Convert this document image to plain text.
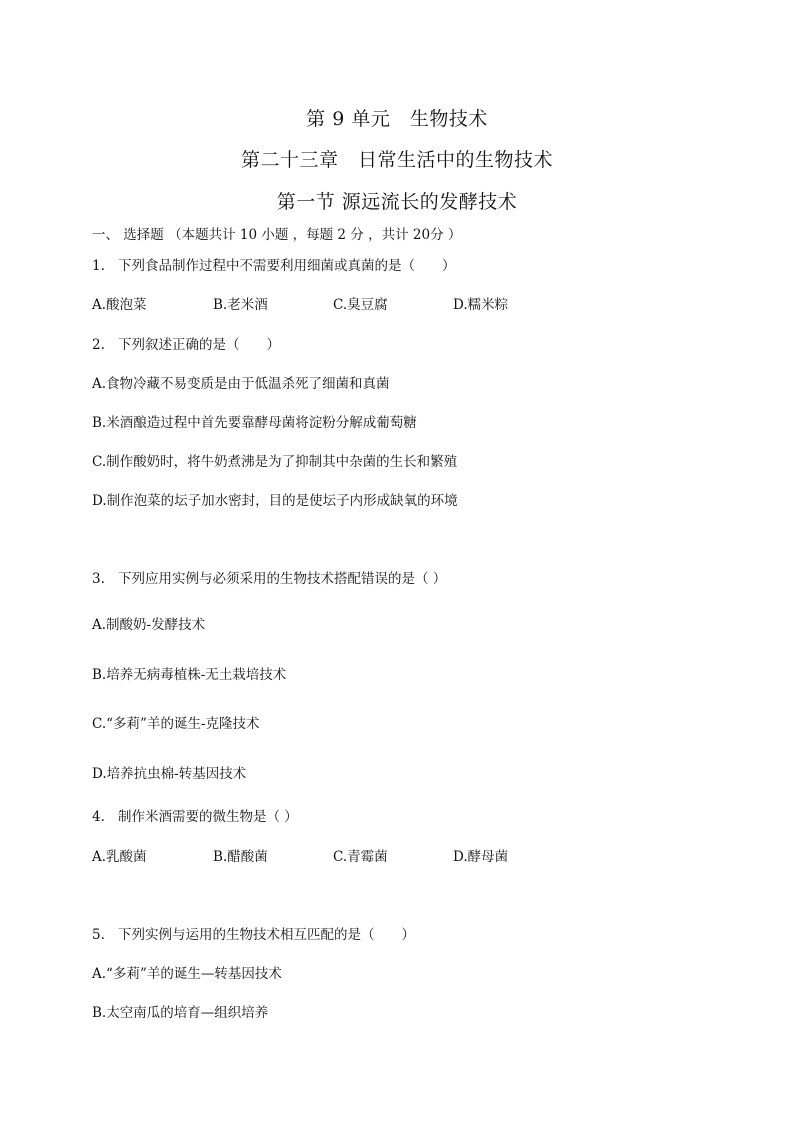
第 9 单元　生物技术
第二十三章　日常生活中的生物技术
第一节 源远流长的发酵技术
一、 选择题 （本题共计 10 小题 ，每题 2 分 ，共计 20分 ）
1. 下列食品制作过程中不需要利用细菌或真菌的是（　　）
A.酸泡菜	B.老米酒	C.臭豆腐	D.糯米粽
2. 下列叙述正确的是（　　）
A.食物冷藏不易变质是由于低温杀死了细菌和真菌
B.米酒酿造过程中首先要靠酵母菌将淀粉分解成葡萄糖
C.制作酸奶时，将牛奶煮沸是为了抑制其中杂菌的生长和繁殖
D.制作泡菜的坛子加水密封，目的是使坛子内形成缺氧的环境
3. 下列应用实例与必须采用的生物技术搭配错误的是（ ）
A.制酸奶-发酵技术
B.培养无病毒植株-无土栽培技术
C.“多莉”羊的诞生-克隆技术
D.培养抗虫棉-转基因技术
4. 制作米酒需要的微生物是（ ）
A.乳酸菌	B.醋酸菌	C.青霉菌	D.酵母菌
5. 下列实例与运用的生物技术相互匹配的是（　　）
A.“多莉”羊的诞生—转基因技术
B.太空南瓜的培育—组织培养
